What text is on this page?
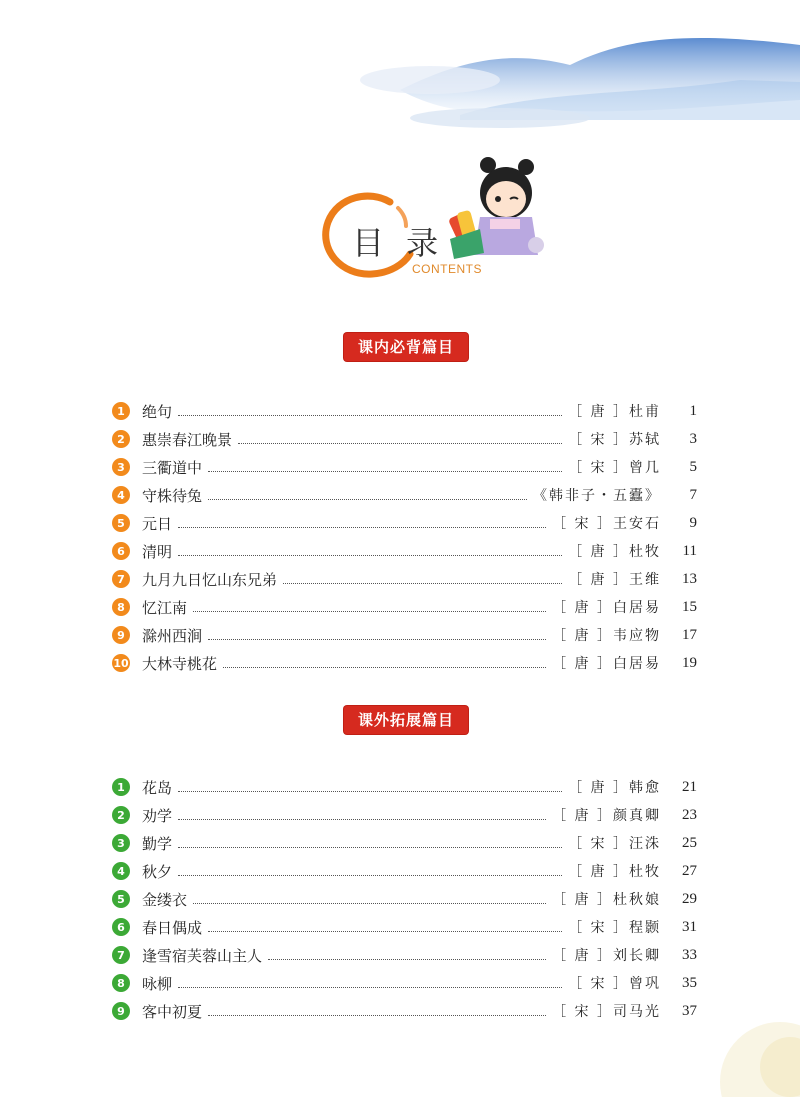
目 录
CONTENTS
课内必背篇目
1	绝句	［ 唐 ］杜甫	1
2	惠崇春江晚景	［ 宋 ］苏轼	3
3	三衢道中	［ 宋 ］曾几	5
4	守株待兔	《韩非子・五蠹》	7
5	元日	［ 宋 ］王安石	9
6	清明	［ 唐 ］杜牧	11
7	九月九日忆山东兄弟	［ 唐 ］王维	13
8	忆江南	［ 唐 ］白居易	15
9	滁州西涧	［ 唐 ］韦应物	17
10 大林寺桃花	［ 唐 ］白居易	19
课外拓展篇目
1	花岛	［ 唐 ］韩愈	21
2	劝学	［ 唐 ］颜真卿	23
3	勤学	［ 宋 ］汪洙	25
4	秋夕	［ 唐 ］杜牧	27
5	金缕衣	［ 唐 ］杜秋娘	29
6	春日偶成	［ 宋 ］程颢	31
7	逢雪宿芙蓉山主人	［ 唐 ］刘长卿	33
8	咏柳	［ 宋 ］曾巩	35
9	客中初夏	［ 宋 ］司马光	37
